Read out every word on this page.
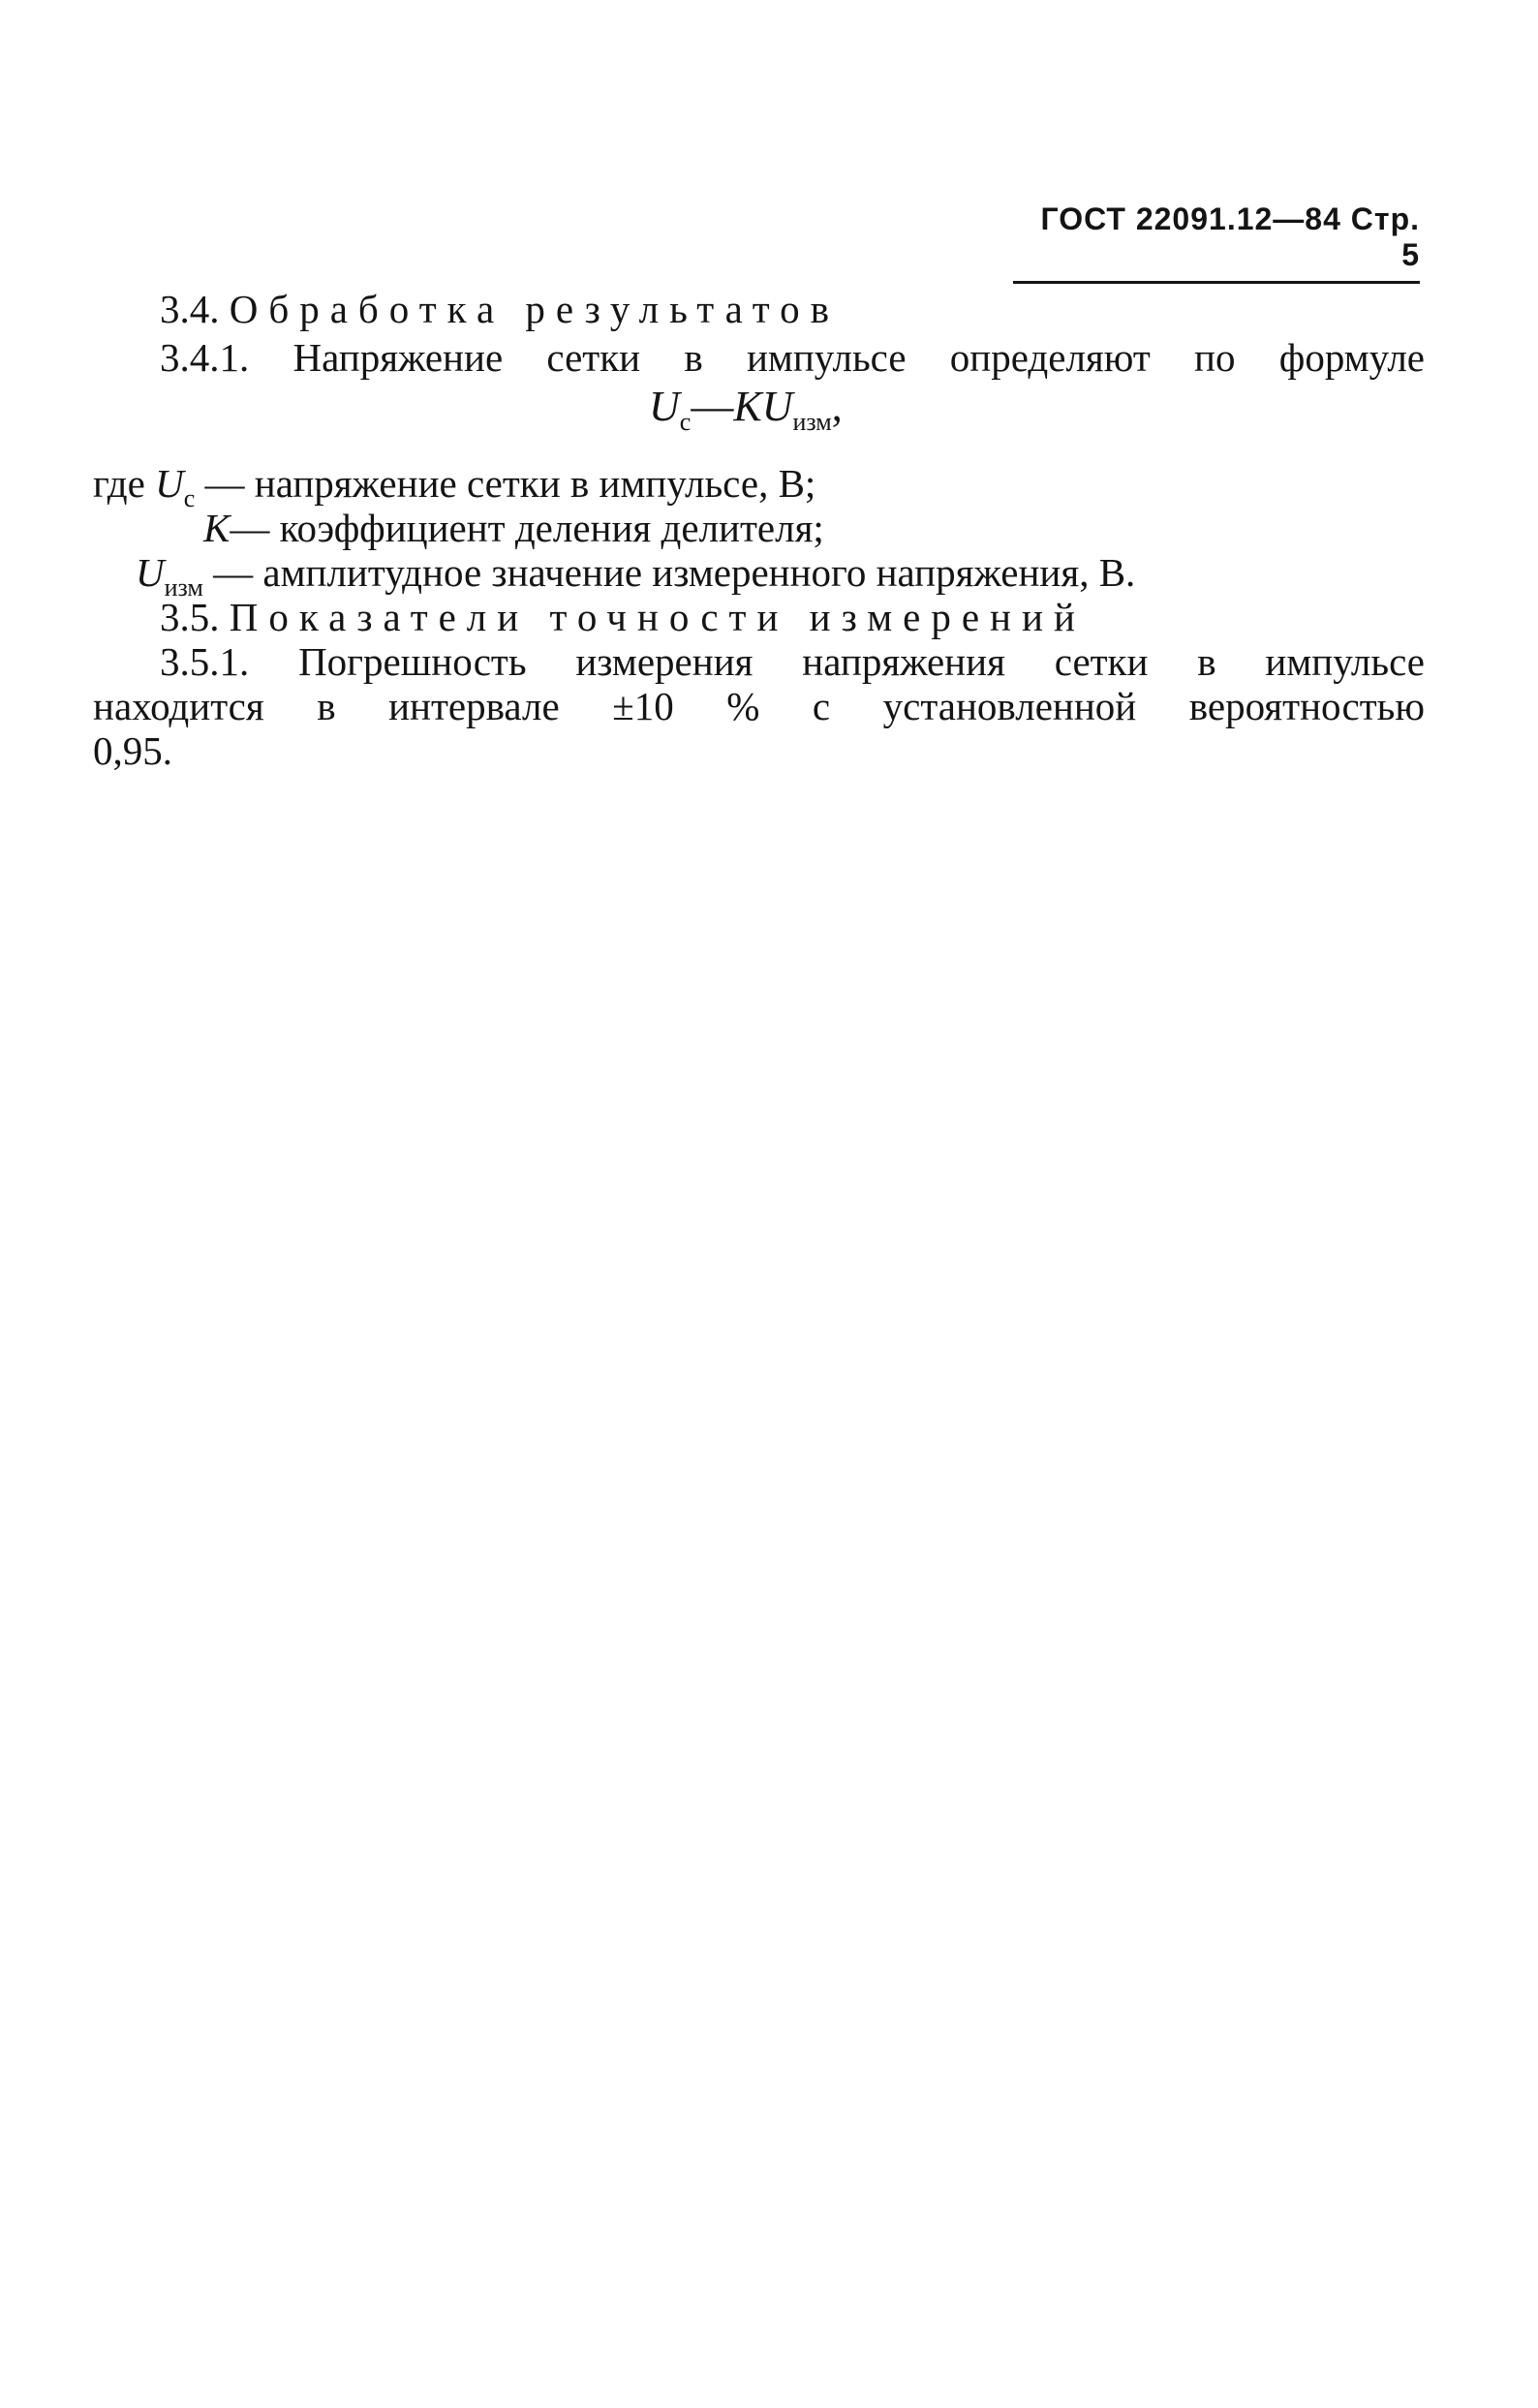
ГОСТ 22091.12—84 Стр. 5
3.4. Обработка результатов
3.4.1. Напряжение сетки в импульсе определяют по формуле
$U_с—KU_{изм}$,
где $U_с$ — напряжение сетки в импульсе, В;
K— коэффициент деления делителя;
$U_{изм}$ — амплитудное значение измеренного напряжения, В.
3.5. Показатели точности измерений
3.5.1. Погрешность измерения напряжения сетки в импульсе
находится в интервале ±10 % с установленной вероятностью
0,95.
